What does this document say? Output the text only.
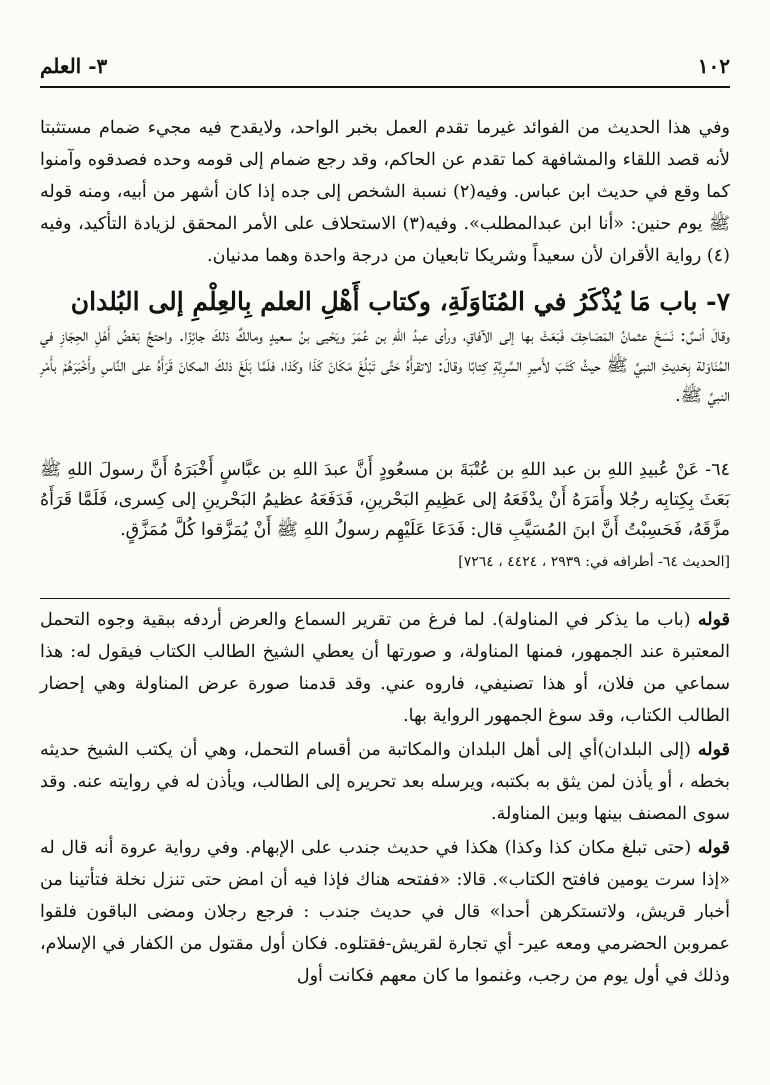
١٠٢
٣- العلم

وفي هذا الحديث من الفوائد غيرما تقدم العمل بخبر الواحد، ولايقدح فيه مجيء ضمام مستثبتا لأنه قصد اللقاء والمشافهة كما تقدم عن الحاكم، وقد رجع ضمام إلى قومه وحده فصدقوه وآمنوا كما وقع في حديث ابن عباس. وفيه(٢) نسبة الشخص إلى جده إذا كان أشهر من أبيه، ومنه قوله ﷺ يوم حنين: «أنا ابن عبدالمطلب». وفيه(٣) الاستحلاف على الأمر المحقق لزيادة التأكيد، وفيه (٤) رواية الأقران لأن سعيداً وشريكا تابعيان من درجة واحدة وهما مدنيان.

٧- باب مَا يُذْكَرُ في المُنَاوَلَةِ، وكتاب أَهْلِ العلم بِالعِلْمِ إلى البُلدان

وقالَ أنسٌ: نَسَخَ عثمانُ المَصَاحِفَ فَبَعَثَ بها إلى الآفاقِ، ورأى عبدُ اللهِ بن عُمَرَ ويَحْيى بنُ سعيدٍ ومالكٌ ذلكَ جائِزًا. واحتجَّ بَعْضُ أَهْلِ الحِجَازِ في المُنَاوَلة بِحَديثِ النبيِّ ﷺ حيثُ كَتَبَ لأَميرِ السَّرِيَّةِ كِتابًا وقالَ: لاتقرأْهُ حَتَّى تَبْلُغَ مَكَانَ كَذَا وكَذا، فلَمَّا بَلَغَ ذلكَ المكانَ قَرَأَهُ على النَّاسِ وأَخْبَرَهُمْ بأَمْرِ النبيِّ ﷺ.

٦٤- عَنْ عُبيدِ اللهِ بن عبد اللهِ بن عُتْبَةَ بن مسعُودٍ أَنَّ عبدَ اللهِ بن عبَّاسٍ أَخْبَرَهُ أَنَّ رسولَ اللهِ ﷺ بَعَثَ بِكِتابِه رجُلا وأَمَرَهُ أَنْ يدْفَعَهُ إلى عَظِيمِ البَحْرينِ، فَدَفَعَهُ عظيمُ البَحْرينِ إلى كِسرى، فَلَمَّا قَرَأَهُ مزَّقَهُ، فَحَسِبْتُ أَنَّ ابنَ المُسَيَّبِ قال: فَدَعَا عَلَيْهِم رسولُ اللهِ ﷺ أَنْ يُمَزَّقوا كُلَّ مُمَزَّقٍ.

[الحديث ٦٤- أطرافه في: ٢٩٣٩ ، ٤٤٢٤ ، ٧٢٦٤]

قوله (باب ما يذكر في المناولة). لما فرغ من تقرير السماع والعرض أردفه ببقية وجوه التحمل المعتبرة عند الجمهور، فمنها المناولة، و صورتها أن يعطي الشيخ الطالب الكتاب فيقول له: هذا سماعي من فلان، أو هذا تصنيفي، فاروه عني. وقد قدمنا صورة عرض المناولة وهي إحضار الطالب الكتاب، وقد سوغ الجمهور الرواية بها.

قوله (إلى البلدان)أي إلى أهل البلدان والمكاتبة من أقسام التحمل، وهي أن يكتب الشيخ حديثه بخطه ، أو يأذن لمن يثق به بكتبه، ويرسله بعد تحريره إلى الطالب، ويأذن له في روايته عنه. وقد سوى المصنف بينها وبين المناولة.

قوله (حتى تبلغ مكان كذا وكذا) هكذا في حديث جندب على الإبهام. وفي رواية عروة أنه قال له «إذا سرت يومين فافتح الكتاب». قالا: «ففتحه هناك فإذا فيه أن امض حتى تنزل نخلة فتأتينا من أخبار قريش، ولاتستكرهن أحدا» قال في حديث جندب : فرجع رجلان ومضى الباقون فلقوا عمروبن الحضرمي ومعه عير- أي تجارة لقريش-فقتلوه. فكان أول مقتول من الكفار في الإسلام، وذلك في أول يوم من رجب، وغنموا ما كان معهم فكانت أول
